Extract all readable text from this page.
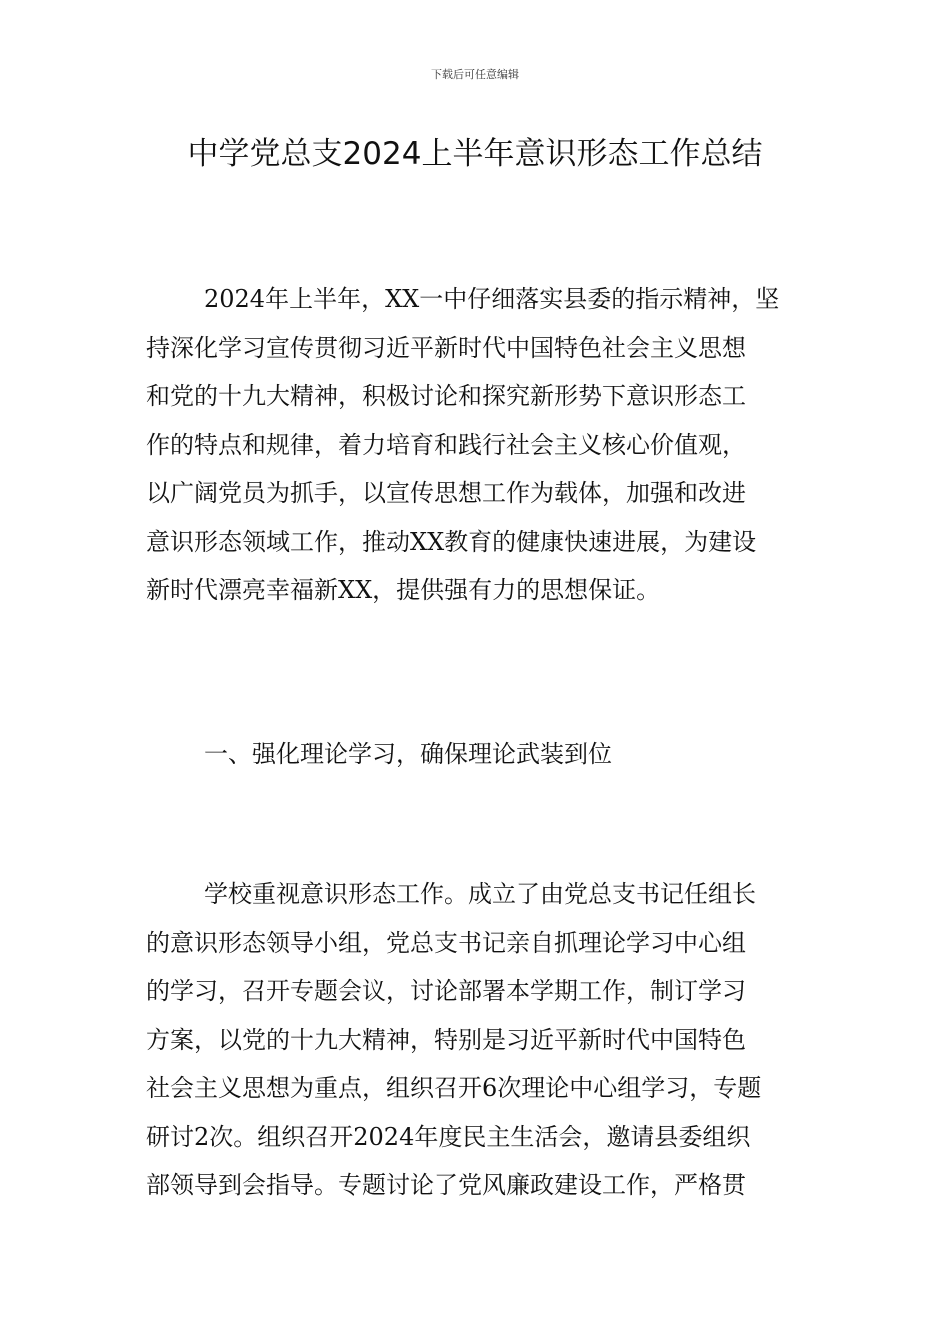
下载后可任意编辑
中学党总支2024上半年意识形态工作总结
2024年上半年，XX一中仔细落实县委的指示精神，坚
持深化学习宣传贯彻习近平新时代中国特色社会主义思想
和党的十九大精神，积极讨论和探究新形势下意识形态工
作的特点和规律，着力培育和践行社会主义核心价值观，
以广阔党员为抓手，以宣传思想工作为载体，加强和改进
意识形态领域工作，推动XX教育的健康快速进展，为建设
新时代漂亮幸福新XX，提供强有力的思想保证。
一、强化理论学习，确保理论武装到位
学校重视意识形态工作。成立了由党总支书记任组长
的意识形态领导小组，党总支书记亲自抓理论学习中心组
的学习，召开专题会议，讨论部署本学期工作，制订学习
方案，以党的十九大精神，特别是习近平新时代中国特色
社会主义思想为重点，组织召开6次理论中心组学习，专题
研讨2次。组织召开2024年度民主生活会，邀请县委组织
部领导到会指导。专题讨论了党风廉政建设工作，严格贯
